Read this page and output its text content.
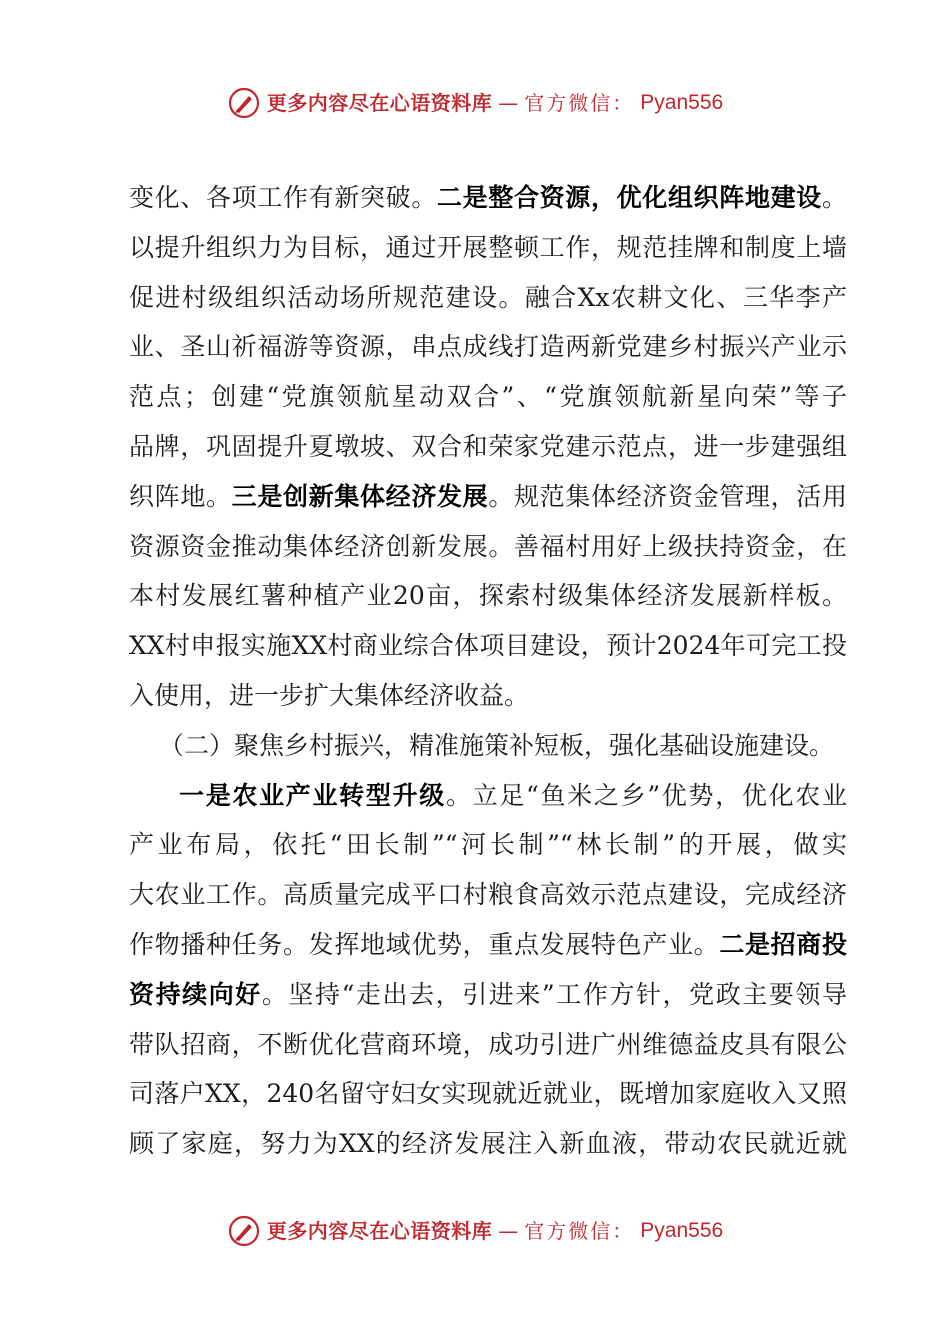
更多内容尽在心语资料库 — 官方微信： Pyan556
变化、各项工作有新突破。二是整合资源，优化组织阵地建设。
以提升组织力为目标，通过开展整顿工作，规范挂牌和制度上墙
促进村级组织活动场所规范建设。融合Xx农耕文化、三华李产
业、圣山祈福游等资源，串点成线打造两新党建乡村振兴产业示
范点；创建“党旗领航星动双合”、“党旗领航新星向荣”等子
品牌，巩固提升夏墩坡、双合和荣家党建示范点，进一步建强组
织阵地。三是创新集体经济发展。规范集体经济资金管理，活用
资源资金推动集体经济创新发展。善福村用好上级扶持资金，在
本村发展红薯种植产业20亩，探索村级集体经济发展新样板。
XX村申报实施XX村商业综合体项目建设，预计2024年可完工投
入使用，进一步扩大集体经济收益。
（二）聚焦乡村振兴，精准施策补短板，强化基础设施建设。
一是农业产业转型升级。立足“鱼米之乡”优势，优化农业
产业布局，依托“田长制”“河长制”“林长制”的开展，做实
大农业工作。高质量完成平口村粮食高效示范点建设，完成经济
作物播种任务。发挥地域优势，重点发展特色产业。二是招商投
资持续向好。坚持“走出去，引进来”工作方针，党政主要领导
带队招商，不断优化营商环境，成功引进广州维德益皮具有限公
司落户XX，240名留守妇女实现就近就业，既增加家庭收入又照
顾了家庭，努力为XX的经济发展注入新血液，带动农民就近就
更多内容尽在心语资料库 — 官方微信： Pyan556
